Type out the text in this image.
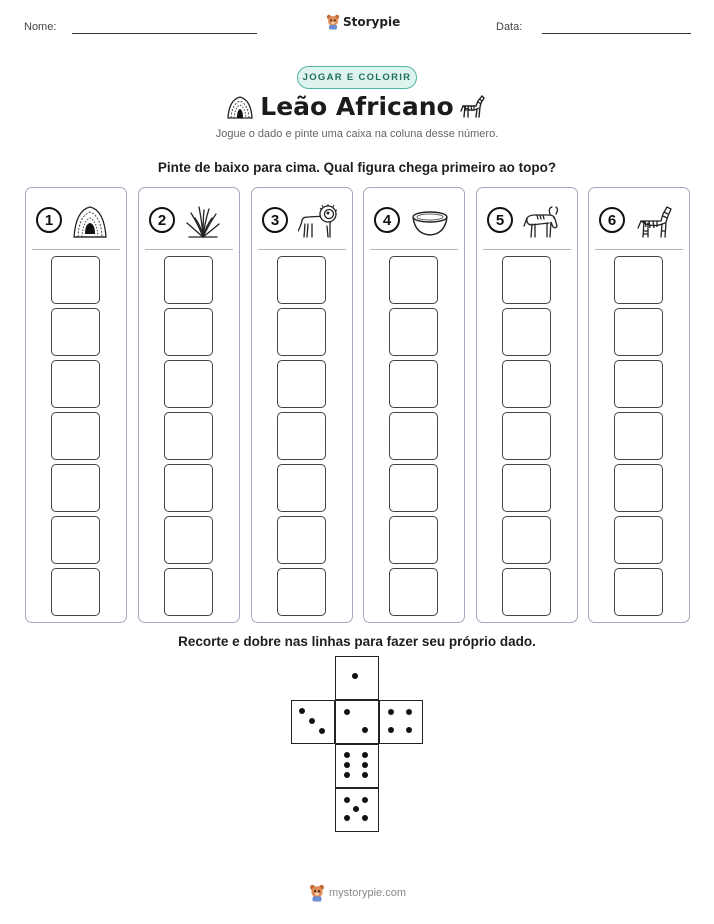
Nome:	Storypie	Data:
JOGAR E COLORIR
Leão Africano
Jogue o dado e pinte uma caixa na coluna desse número.
Pinte de baixo para cima. Qual figura chega primeiro ao topo?
1	2	3	4	5	6
Recorte e dobre nas linhas para fazer seu próprio dado.
mystorypie.com
